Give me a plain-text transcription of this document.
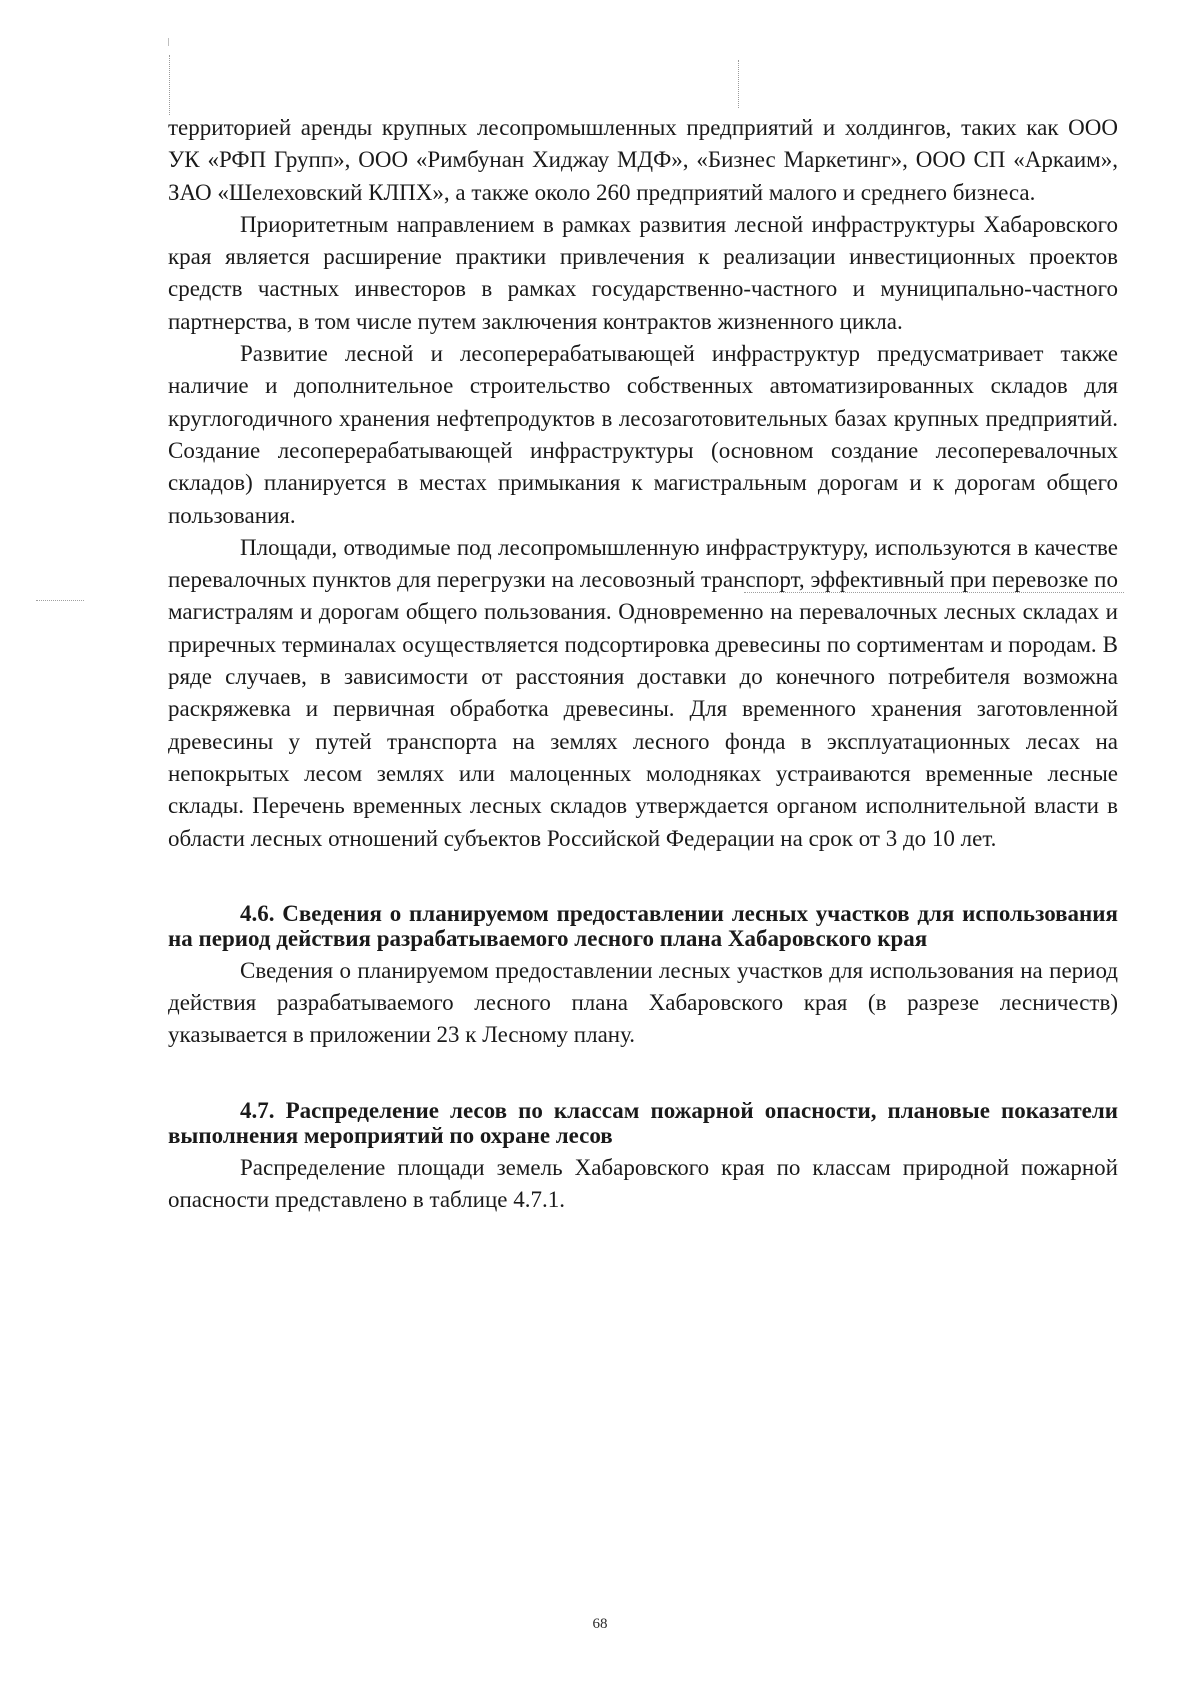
территорией аренды крупных лесопромышленных предприятий и холдингов, таких как ООО УК «РФП Групп», ООО «Римбунан Хиджау МДФ», «Бизнес Маркетинг», ООО СП «Аркаим», ЗАО «Шелеховский КЛПХ», а также около 260 предприятий малого и среднего бизнеса.

Приоритетным направлением в рамках развития лесной инфраструктуры Хабаровского края является расширение практики привлечения к реализации инвестиционных проектов средств частных инвесторов в рамках государственно-частного и муниципально-частного партнерства, в том числе путем заключения контрактов жизненного цикла.

Развитие лесной и лесоперерабатывающей инфраструктур предусматривает также наличие и дополнительное строительство собственных автоматизированных складов для круглогодичного хранения нефтепродуктов в лесозаготовительных базах крупных предприятий. Создание лесоперерабатывающей инфраструктуры (основном создание лесоперевалочных складов) планируется в местах примыкания к магистральным дорогам и к дорогам общего пользования.

Площади, отводимые под лесопромышленную инфраструктуру, используются в качестве перевалочных пунктов для перегрузки на лесовозный транспорт, эффективный при перевозке по магистралям и дорогам общего пользования. Одновременно на перевалочных лесных складах и приречных терминалах осуществляется подсортировка древесины по сортиментам и породам. В ряде случаев, в зависимости от расстояния доставки до конечного потребителя возможна раскряжевка и первичная обработка древесины. Для временного хранения заготовленной древесины у путей транспорта на землях лесного фонда в эксплуатационных лесах на непокрытых лесом землях или малоценных молодняках устраиваются временные лесные склады. Перечень временных лесных складов утверждается органом исполнительной власти в области лесных отношений субъектов Российской Федерации на срок от 3 до 10 лет.

4.6. Сведения о планируемом предоставлении лесных участков для использования на период действия разрабатываемого лесного плана Хабаровского края

Сведения о планируемом предоставлении лесных участков для использования на период действия разрабатываемого лесного плана Хабаровского края (в разрезе лесничеств) указывается в приложении 23 к Лесному плану.

4.7. Распределение лесов по классам пожарной опасности, плановые показатели выполнения мероприятий по охране лесов

Распределение площади земель Хабаровского края по классам природной пожарной опасности представлено в таблице 4.7.1.

68
